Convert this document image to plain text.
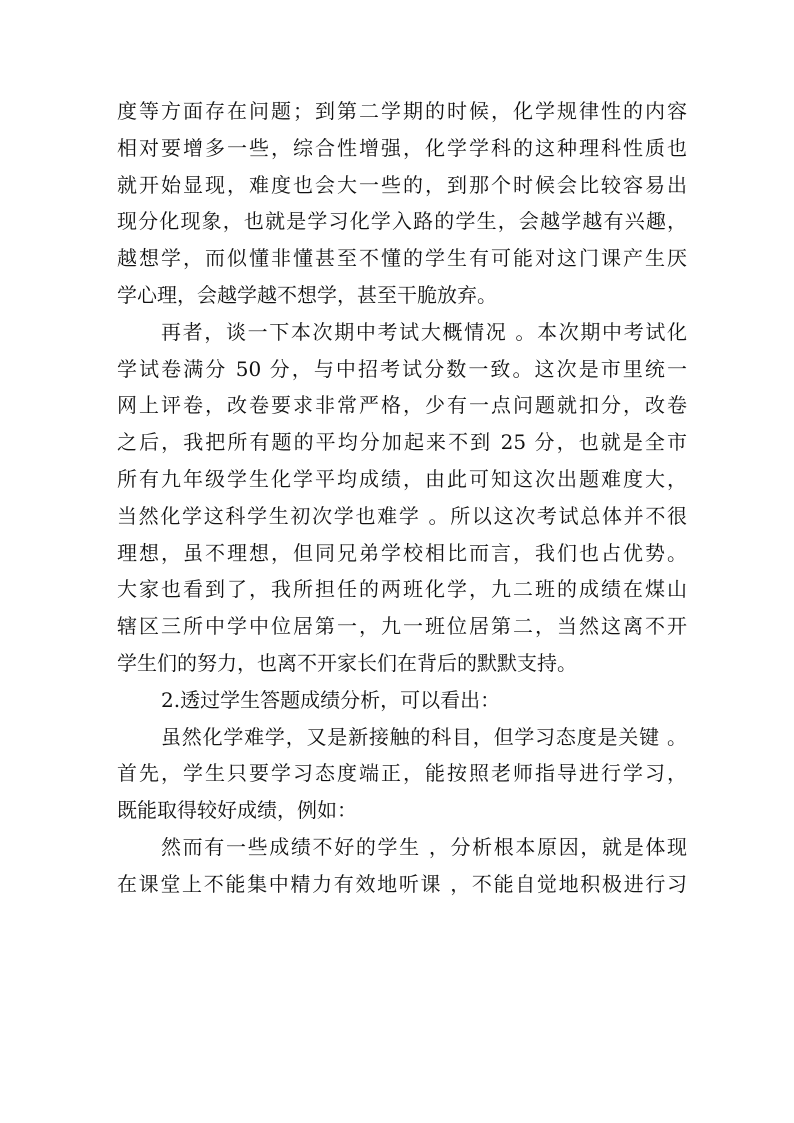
度等方面存在问题；到第二学期的时候，化学规律性的内容
相对要增多一些，综合性增强，化学学科的这种理科性质也
就开始显现，难度也会大一些的，到那个时候会比较容易出
现分化现象，也就是学习化学入路的学生，会越学越有兴趣，
越想学，而似懂非懂甚至不懂的学生有可能对这门课产生厌
学心理，会越学越不想学，甚至干脆放弃。
再者，谈一下本次期中考试大概情况 。本次期中考试化
学试卷满分 50 分，与中招考试分数一致。这次是市里统一
网上评卷，改卷要求非常严格，少有一点问题就扣分，改卷
之后，我把所有题的平均分加起来不到 25 分，也就是全市
所有九年级学生化学平均成绩，由此可知这次出题难度大，
当然化学这科学生初次学也难学 。所以这次考试总体并不很
理想，虽不理想，但同兄弟学校相比而言，我们也占优势。
大家也看到了，我所担任的两班化学，九二班的成绩在煤山
辖区三所中学中位居第一，九一班位居第二，当然这离不开
学生们的努力，也离不开家长们在背后的默默支持。
2.透过学生答题成绩分析，可以看出：
虽然化学难学，又是新接触的科目，但学习态度是关键 。
首先，学生只要学习态度端正，能按照老师指导进行学习，
既能取得较好成绩，例如：
然而有一些成绩不好的学生 ，分析根本原因，就是体现
在课堂上不能集中精力有效地听课 ，不能自觉地积极进行习
